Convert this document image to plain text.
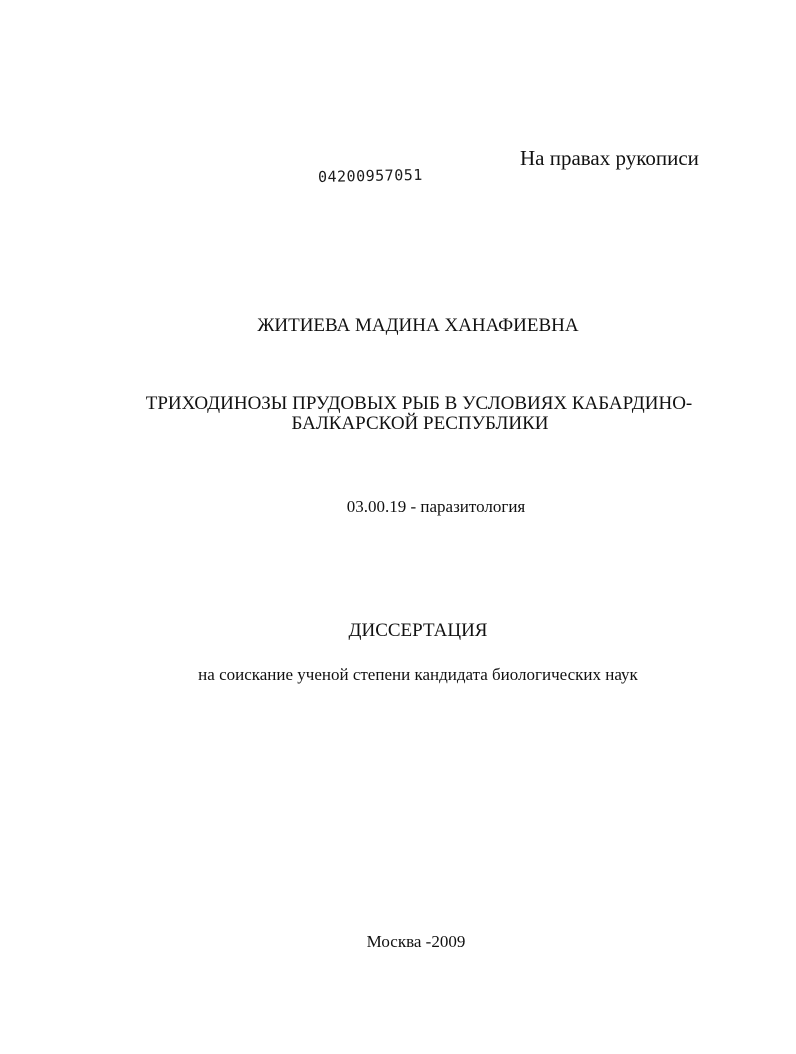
На правах рукописи
04200957051
ЖИТИЕВА МАДИНА ХАНАФИЕВНА
ТРИХОДИНОЗЫ ПРУДОВЫХ РЫБ В УСЛОВИЯХ КАБАРДИНО-
БАЛКАРСКОЙ РЕСПУБЛИКИ
03.00.19 - паразитология
ДИССЕРТАЦИЯ
на соискание ученой степени кандидата биологических наук
Москва -2009
